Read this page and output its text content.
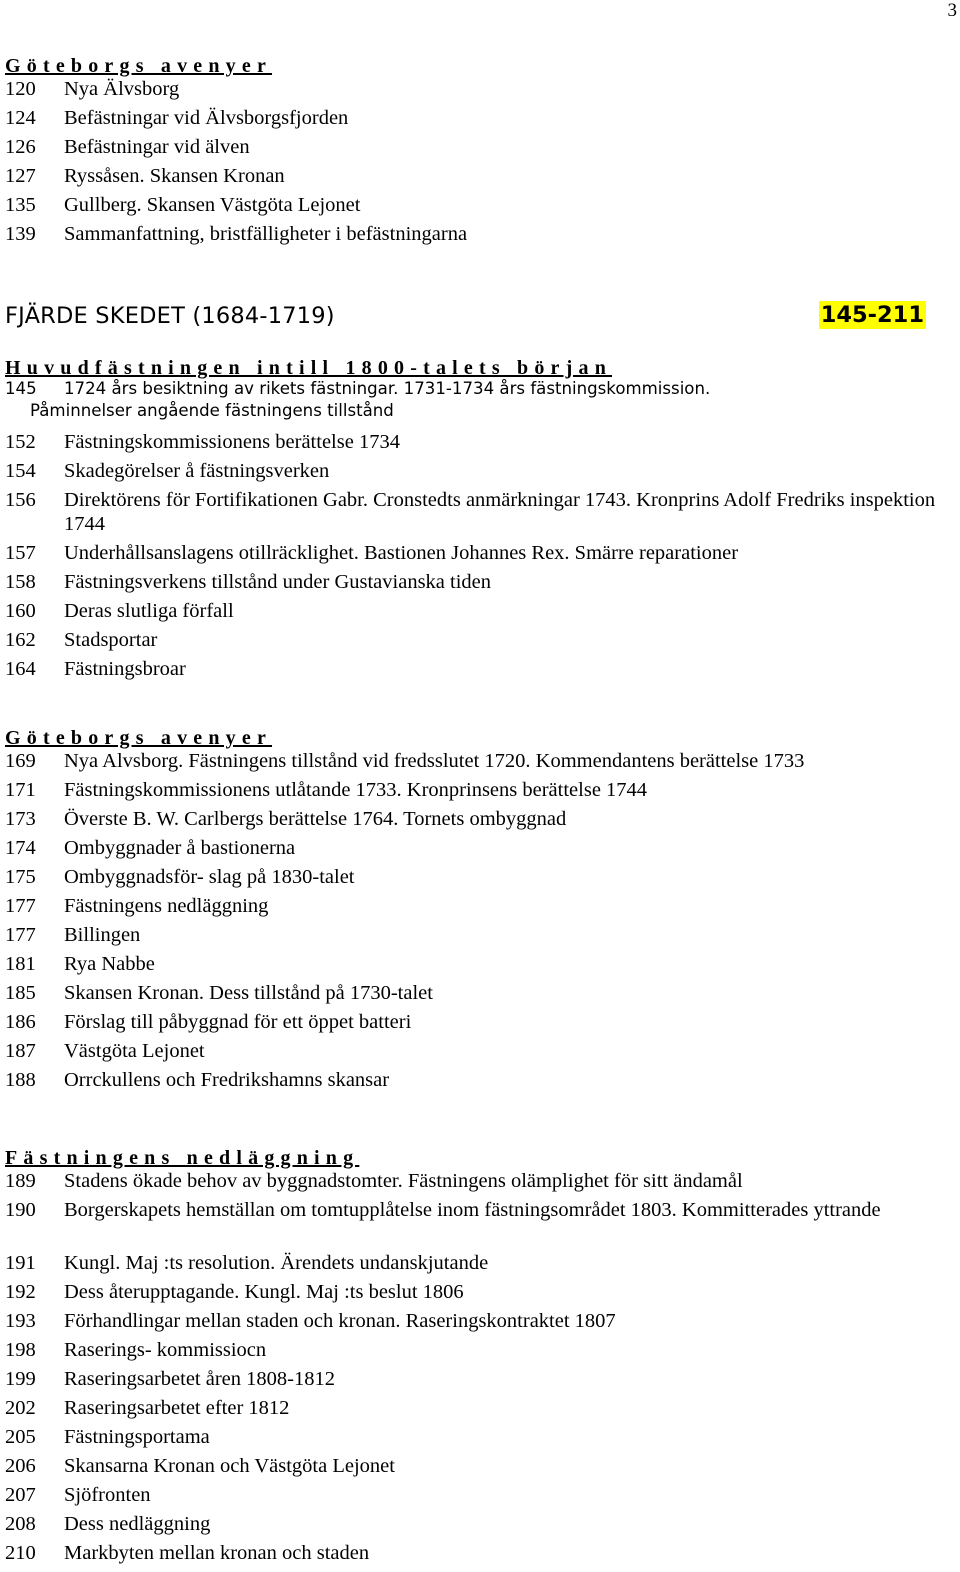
3
Göteborgs avenyer
120	Nya Älvsborg
124	Befästningar vid Älvsborgsfjorden
126	Befästningar vid älven
127	Ryssåsen. Skansen Kronan
135	Gullberg. Skansen Västgöta Lejonet
139	Sammanfattning, bristfälligheter i befästningarna
FJÄRDE SKEDET (1684-1719)	145-211
Huvudfästningen intill 1800-talets början
145	1724 års besiktning av rikets fästningar. 1731-1734 års fästningskommission.
Påminnelser angående fästningens tillstånd
152	Fästningskommissionens berättelse 1734
154	Skadegörelser å fästningsverken
156	Direktörens för Fortifikationen Gabr. Cronstedts anmärkningar 1743. Kronprins Adolf Fredriks inspektion 1744
157	Underhållsanslagens otillräcklighet. Bastionen Johannes Rex. Smärre reparationer
158	Fästningsverkens tillstånd under Gustavianska tiden
160	Deras slutliga förfall
162	Stadsportar
164	Fästningsbroar
Göteborgs avenyer
169	Nya Alvsborg. Fästningens tillstånd vid fredsslutet 1720. Kommendantens berättelse 1733
171	Fästningskommissionens utlåtande 1733. Kronprinsens berättelse 1744
173	Överste B. W. Carlbergs berättelse 1764. Tornets ombyggnad
174	Ombyggnader å bastionerna
175	Ombyggnadsför- slag på 1830-talet
177	Fästningens nedläggning
177	Billingen
181	Rya Nabbe
185	Skansen Kronan. Dess tillstånd på 1730-talet
186	Förslag till påbyggnad för ett öppet batteri
187	Västgöta Lejonet
188	Orrckullens och Fredrikshamns skansar
Fästningens nedläggning
189	Stadens ökade behov av byggnadstomter. Fästningens olämplighet för sitt ändamål
190	Borgerskapets hemställan om tomtupplåtelse inom fästningsområdet 1803. Kommitterades yttrande
191	Kungl. Maj :ts resolution. Ärendets undanskjutande
192	Dess återupptagande. Kungl. Maj :ts beslut 1806
193	Förhandlingar mellan staden och kronan. Raseringskontraktet 1807
198	Raserings- kommissiocn
199	Raseringsarbetet åren 1808-1812
202	Raseringsarbetet efter 1812
205	Fästningsportama
206	Skansarna Kronan och Västgöta Lejonet
207	Sjöfronten
208	Dess nedläggning
210	Markbyten mellan kronan och staden
